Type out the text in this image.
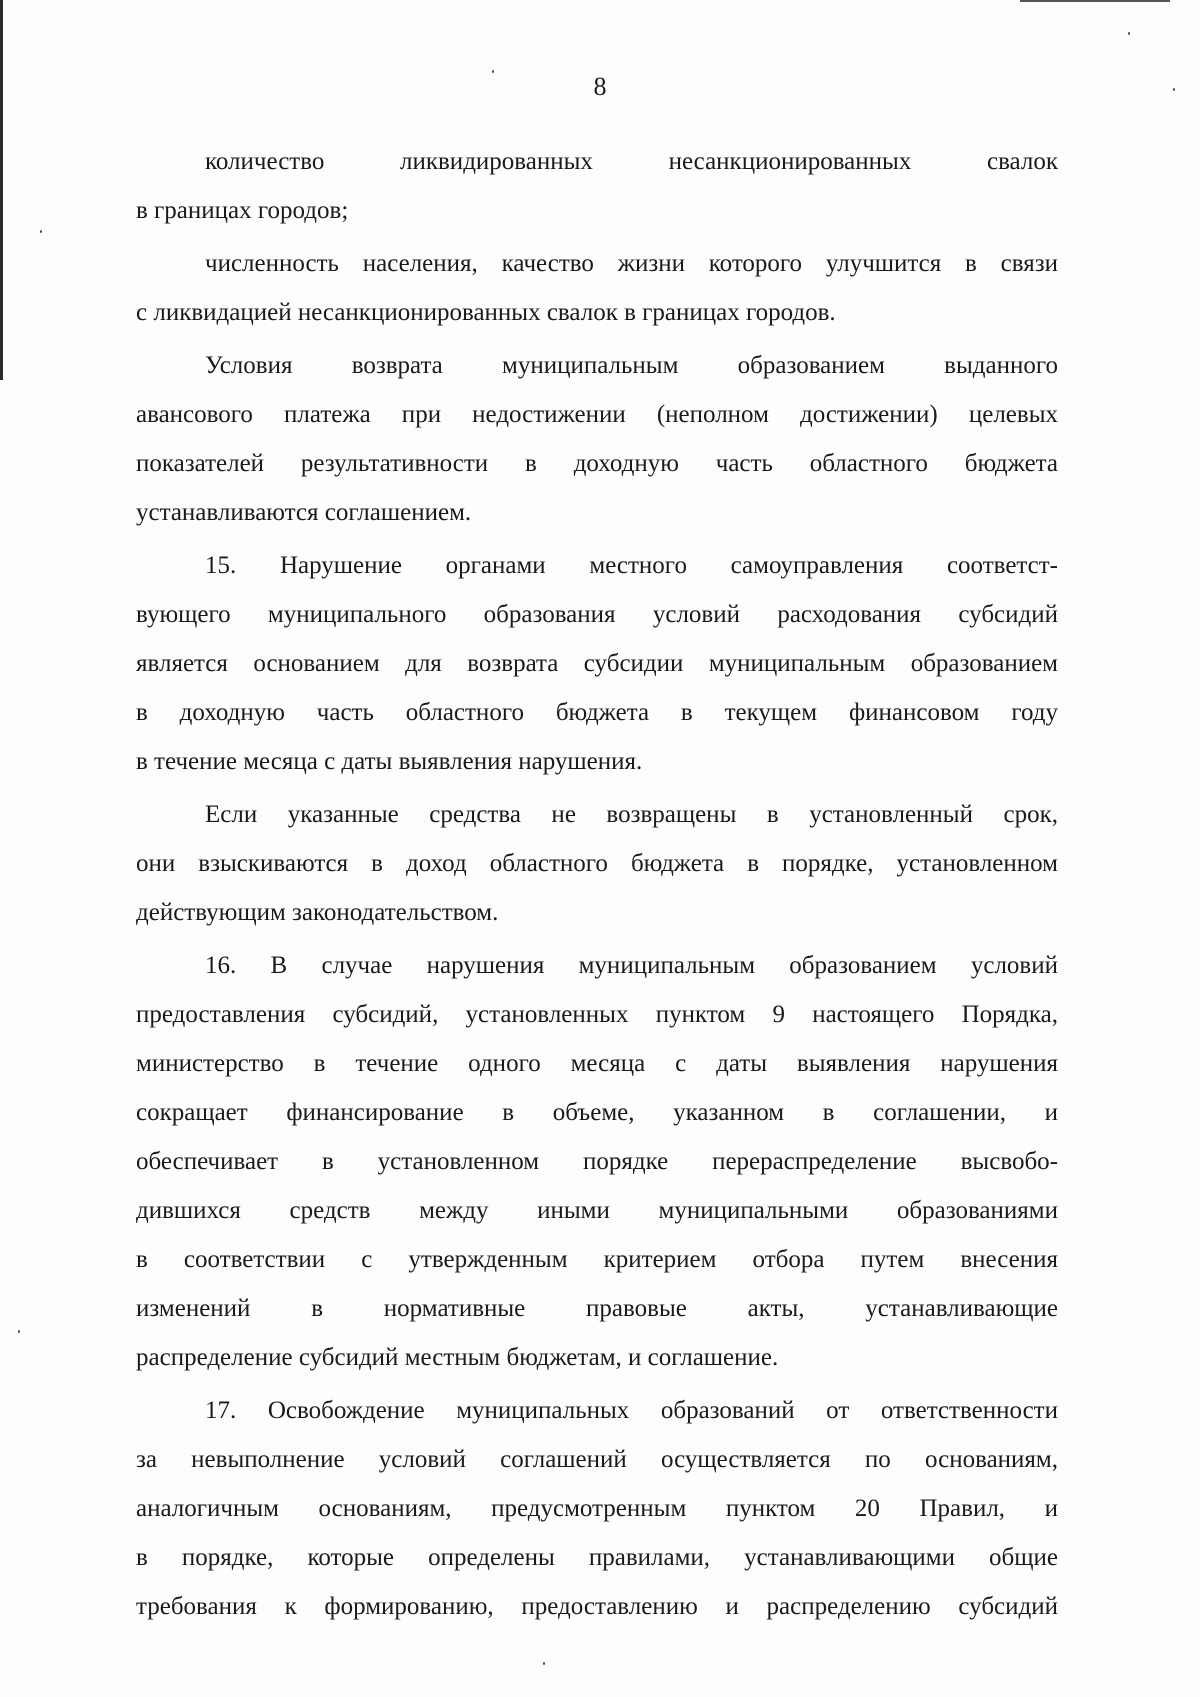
8
количество ликвидированных несанкционированных свалок
в границах городов;
численность населения, качество жизни которого улучшится в связи
с ликвидацией несанкционированных свалок в границах городов.
Условия возврата муниципальным образованием выданного
авансового платежа при недостижении (неполном достижении) целевых
показателей результативности в доходную часть областного бюджета
устанавливаются соглашением.
15. Нарушение органами местного самоуправления соответст-
вующего муниципального образования условий расходования субсидий
является основанием для возврата субсидии муниципальным образованием
в доходную часть областного бюджета в текущем финансовом году
в течение месяца с даты выявления нарушения.
Если указанные средства не возвращены в установленный срок,
они взыскиваются в доход областного бюджета в порядке, установленном
действующим законодательством.
16. В случае нарушения муниципальным образованием условий
предоставления субсидий, установленных пунктом 9 настоящего Порядка,
министерство в течение одного месяца с даты выявления нарушения
сокращает финансирование в объеме, указанном в соглашении, и
обеспечивает в установленном порядке перераспределение высвобо-
дившихся средств между иными муниципальными образованиями
в соответствии с утвержденным критерием отбора путем внесения
изменений в нормативные правовые акты, устанавливающие
распределение субсидий местным бюджетам, и соглашение.
17. Освобождение муниципальных образований от ответственности
за невыполнение условий соглашений осуществляется по основаниям,
аналогичным основаниям, предусмотренным пунктом 20 Правил, и
в порядке, которые определены правилами, устанавливающими общие
требования к формированию, предоставлению и распределению субсидий
